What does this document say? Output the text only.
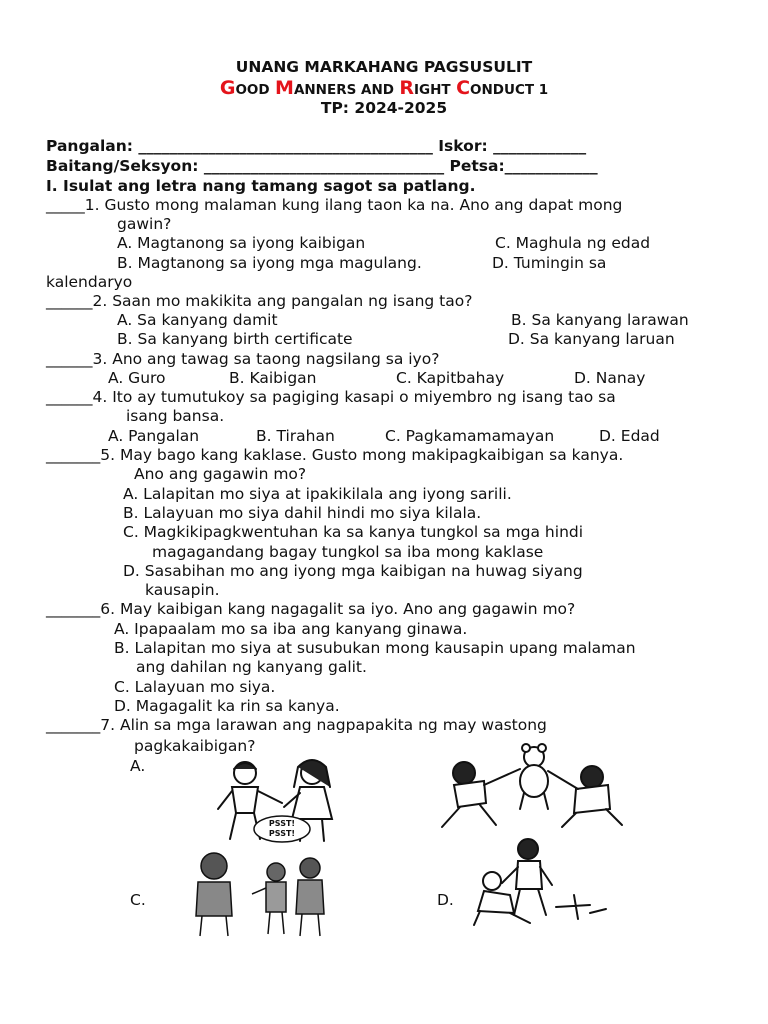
UNANG MARKAHANG PAGSUSULIT
GOOD MANNERS AND RIGHT CONDUCT 1
TP: 2024-2025
Pangalan: ______________________________________ Iskor: ____________
Baitang/Seksyon: _______________________________ Petsa:____________
I. Isulat ang letra nang tamang sagot sa patlang.
_____1. Gusto mong malaman kung ilang taon ka na. Ano ang dapat mong
gawin?
A. Magtanong sa iyong kaibigan	C. Maghula ng edad
B. Magtanong sa iyong mga magulang.	D. Tumingin sa
kalendaryo
______2. Saan mo makikita ang pangalan ng isang tao?
A. Sa kanyang damit	B. Sa kanyang larawan
B. Sa kanyang birth certificate	D. Sa kanyang laruan
______3. Ano ang tawag sa taong nagsilang sa iyo?
A. Guro	B. Kaibigan	C. Kapitbahay	D. Nanay
______4. Ito ay tumutukoy sa pagiging kasapi o miyembro ng isang tao sa
isang bansa.
A. Pangalan	B. Tirahan	C. Pagkamamamayan	D. Edad
_______5. May bago kang kaklase. Gusto mong makipagkaibigan sa kanya.
Ano ang gagawin mo?
A. Lalapitan mo siya at ipakikilala ang iyong sarili.
B. Lalayuan mo siya dahil hindi mo siya kilala.
C. Magkikipagkwentuhan ka sa kanya tungkol sa mga hindi
magagandang bagay tungkol sa iba mong kaklase
D. Sasabihan mo ang iyong mga kaibigan na huwag siyang
kausapin.
_______6. May kaibigan kang nagagalit sa iyo. Ano ang gagawin mo?
A. Ipapaalam mo sa iba ang kanyang ginawa.
B. Lalapitan mo siya at susubukan mong kausapin upang malaman
ang dahilan ng kanyang galit.
C. Lalayuan mo siya.
D. Magagalit ka rin sa kanya.
_______7. Alin sa mga larawan ang nagpapakita ng may wastong
pagkakaibigan?
A.
C.	D.
PSST!
PSST!
